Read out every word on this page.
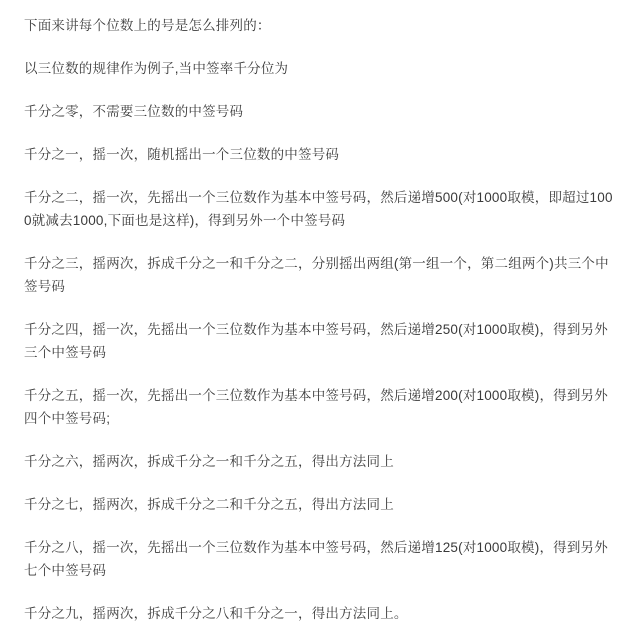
下面来讲每个位数上的号是怎么排列的：

以三位数的规律作为例子,当中签率千分位为

千分之零，不需要三位数的中签号码

千分之一，摇一次，随机摇出一个三位数的中签号码

千分之二，摇一次，先摇出一个三位数作为基本中签号码，然后递增500(对1000取模，即超过1000就减去1000,下面也是这样)，得到另外一个中签号码

千分之三，摇两次，拆成千分之一和千分之二，分别摇出两组(第一组一个，第二组两个)共三个中签号码

千分之四，摇一次，先摇出一个三位数作为基本中签号码，然后递增250(对1000取模)，得到另外三个中签号码

千分之五，摇一次，先摇出一个三位数作为基本中签号码，然后递增200(对1000取模)，得到另外四个中签号码;

千分之六，摇两次，拆成千分之一和千分之五，得出方法同上

千分之七，摇两次，拆成千分之二和千分之五，得出方法同上

千分之八，摇一次，先摇出一个三位数作为基本中签号码，然后递增125(对1000取模)，得到另外七个中签号码

千分之九，摇两次，拆成千分之八和千分之一，得出方法同上。
